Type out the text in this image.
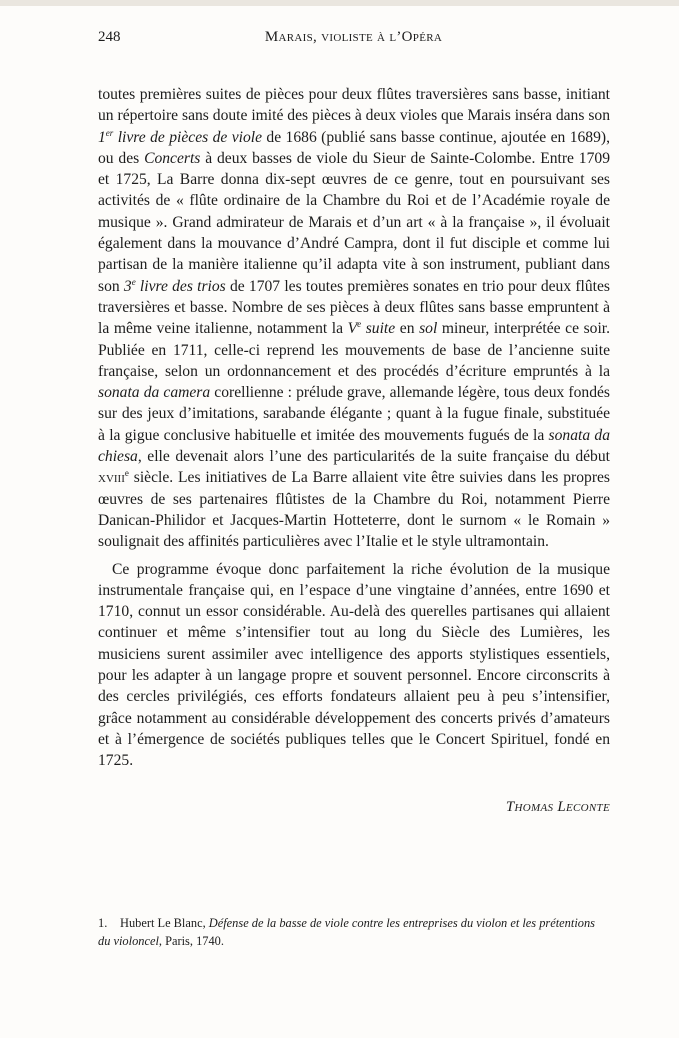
248	Marais, violiste à l’Opéra

toutes premières suites de pièces pour deux flûtes traversières sans basse, initiant un répertoire sans doute imité des pièces à deux violes que Marais inséra dans son 1er livre de pièces de viole de 1686 (publié sans basse continue, ajoutée en 1689), ou des Concerts à deux basses de viole du Sieur de Sainte-Colombe. Entre 1709 et 1725, La Barre donna dix-sept œuvres de ce genre, tout en poursuivant ses activités de « flûte ordinaire de la Chambre du Roi et de l’Académie royale de musique ». Grand admirateur de Marais et d’un art « à la française », il évoluait également dans la mouvance d’André Campra, dont il fut disciple et comme lui partisan de la manière italienne qu’il adapta vite à son instrument, publiant dans son 3e livre des trios de 1707 les toutes premières sonates en trio pour deux flûtes traversières et basse. Nombre de ses pièces à deux flûtes sans basse empruntent à la même veine italienne, notamment la Ve suite en sol mineur, interprétée ce soir. Publiée en 1711, celle-ci reprend les mouvements de base de l’ancienne suite française, selon un ordonnancement et des procédés d’écriture empruntés à la sonata da camera corellienne : prélude grave, allemande légère, tous deux fondés sur des jeux d’imitations, sarabande élégante ; quant à la fugue finale, substituée à la gigue conclusive habituelle et imitée des mouvements fugués de la sonata da chiesa, elle devenait alors l’une des particularités de la suite française du début xviii$^e$ siècle. Les initiatives de La Barre allaient vite être suivies dans les propres œuvres de ses partenaires flûtistes de la Chambre du Roi, notamment Pierre Danican-Philidor et Jacques-Martin Hotteterre, dont le surnom « le Romain » soulignait des affinités particulières avec l’Italie et le style ultramontain.

Ce programme évoque donc parfaitement la riche évolution de la musique instrumentale française qui, en l’espace d’une vingtaine d’années, entre 1690 et 1710, connut un essor considérable. Au-delà des querelles partisanes qui allaient continuer et même s’intensifier tout au long du Siècle des Lumières, les musiciens surent assimiler avec intelligence des apports stylistiques essentiels, pour les adapter à un langage propre et souvent personnel. Encore circonscrits à des cercles privilégiés, ces efforts fondateurs allaient peu à peu s’intensifier, grâce notamment au considérable développement des concerts privés d’amateurs et à l’émergence de sociétés publiques telles que le Concert Spirituel, fondé en 1725.

Thomas Leconte
1. Hubert Le Blanc, Défense de la basse de viole contre les entreprises du violon et les prétentions du violoncel, Paris, 1740.
